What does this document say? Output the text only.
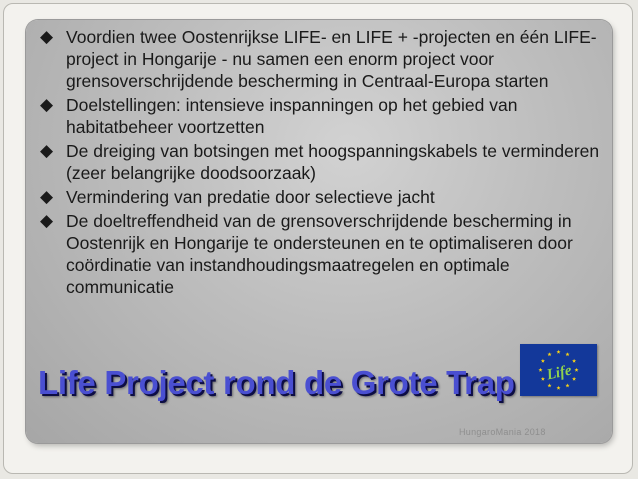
◆ Voordien twee Oostenrijkse LIFE- en LIFE + -projecten en één LIFE-project in Hongarije - nu samen een enorm project voor grensoverschrijdende bescherming in Centraal-Europa starten
◆ Doelstellingen: intensieve inspanningen op het gebied van habitatbeheer voortzetten
◆ De dreiging van botsingen met hoogspanningskabels te verminderen (zeer belangrijke doodsoorzaak)
◆ Vermindering van predatie door selectieve jacht
◆ De doeltreffendheid van de grensoverschrijdende bescherming in Oostenrijk en Hongarije te ondersteunen en te optimaliseren door coördinatie van instandhoudingsmaatregelen en optimale communicatie
Life Project rond de Grote Trap Life
HungaroMania 2018
